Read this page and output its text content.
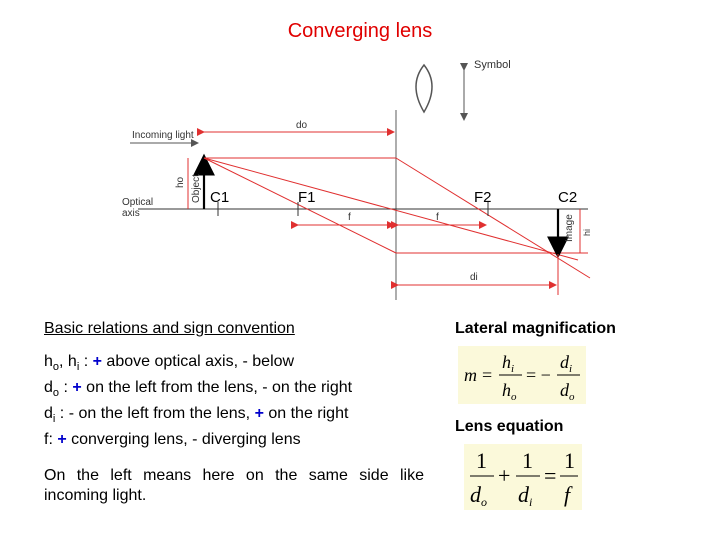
Converging lens
Symbol
Optical
axis
Incoming light
do
ho Object C1	F1	F2	C2
f	f	Image hi
di
Basic relations and sign convention
$h_o$, $h_i$ : + above optical axis, - below
$d_o$ : + on the left from the lens, - on the right
$d_i$ : - on the left from the lens, + on the right
f: + converging lens, - diverging lens
On the left means here on the same side like incoming light.
Lateral magnification
m =
$h_i$
$h_o$
= −
$d_i$
$d_o$
Lens equation
1
do
+
1
di
=
1
f
